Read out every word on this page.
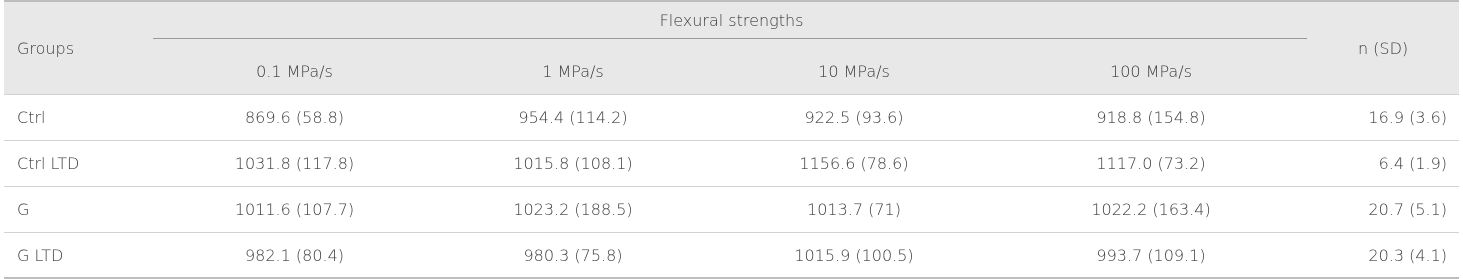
Groups	Flexural strengths				n (SD)
	0.1 MPa/s	1 MPa/s	10 MPa/s	100 MPa/s	
Ctrl	869.6 (58.8)	954.4 (114.2)	922.5 (93.6)	918.8 (154.8)	16.9 (3.6)
Ctrl LTD	1031.8 (117.8)	1015.8 (108.1)	1156.6 (78.6)	1117.0 (73.2)	6.4 (1.9)
G	1011.6 (107.7)	1023.2 (188.5)	1013.7 (71)	1022.2 (163.4)	20.7 (5.1)
G LTD	982.1 (80.4)	980.3 (75.8)	1015.9 (100.5)	993.7 (109.1)	20.3 (4.1)
